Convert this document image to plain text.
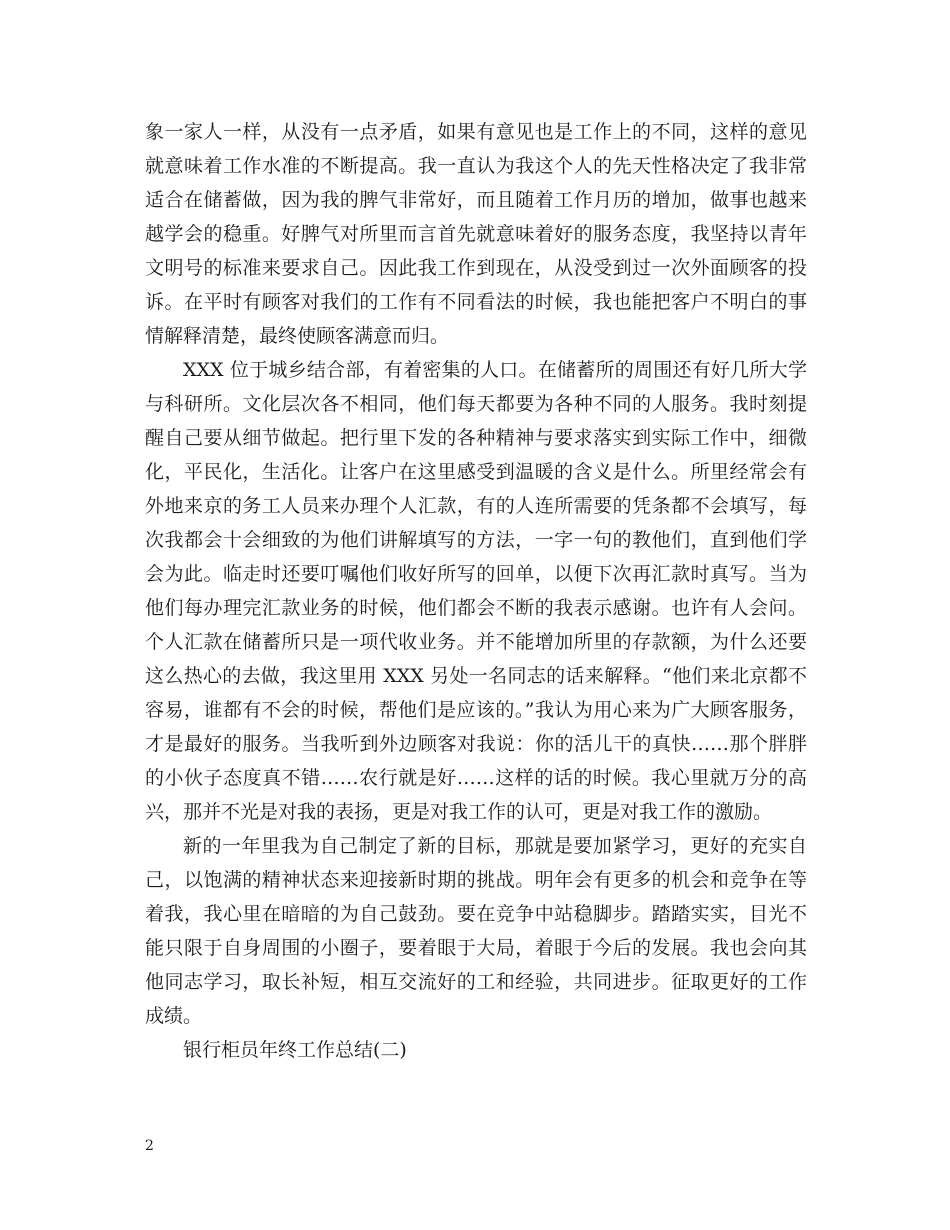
象一家人一样，从没有一点矛盾，如果有意见也是工作上的不同，这样的意见就意味着工作水准的不断提高。我一直认为我这个人的先天性格决定了我非常适合在储蓄做，因为我的脾气非常好，而且随着工作月历的增加，做事也越来越学会的稳重。好脾气对所里而言首先就意味着好的服务态度，我坚持以青年文明号的标准来要求自己。因此我工作到现在，从没受到过一次外面顾客的投诉。在平时有顾客对我们的工作有不同看法的时候，我也能把客户不明白的事情解释清楚，最终使顾客满意而归。

XXX 位于城乡结合部，有着密集的人口。在储蓄所的周围还有好几所大学与科研所。文化层次各不相同，他们每天都要为各种不同的人服务。我时刻提醒自己要从细节做起。把行里下发的各种精神与要求落实到实际工作中，细微化，平民化，生活化。让客户在这里感受到温暖的含义是什么。所里经常会有外地来京的务工人员来办理个人汇款，有的人连所需要的凭条都不会填写，每次我都会十会细致的为他们讲解填写的方法，一字一句的教他们，直到他们学会为此。临走时还要叮嘱他们收好所写的回单，以便下次再汇款时真写。当为他们每办理完汇款业务的时候，他们都会不断的我表示感谢。也许有人会问。个人汇款在储蓄所只是一项代收业务。并不能增加所里的存款额，为什么还要这么热心的去做，我这里用 XXX 另处一名同志的话来解释。“他们来北京都不容易，谁都有不会的时候，帮他们是应该的。”我认为用心来为广大顾客服务，才是最好的服务。当我听到外边顾客对我说：你的活儿干的真快……那个胖胖的小伙子态度真不错……农行就是好……这样的话的时候。我心里就万分的高兴，那并不光是对我的表扬，更是对我工作的认可，更是对我工作的激励。

新的一年里我为自己制定了新的目标，那就是要加紧学习，更好的充实自己，以饱满的精神状态来迎接新时期的挑战。明年会有更多的机会和竞争在等着我，我心里在暗暗的为自己鼓劲。要在竞争中站稳脚步。踏踏实实，目光不能只限于自身周围的小圈子，要着眼于大局，着眼于今后的发展。我也会向其他同志学习，取长补短，相互交流好的工和经验，共同进步。征取更好的工作成绩。

银行柜员年终工作总结(二)

2
